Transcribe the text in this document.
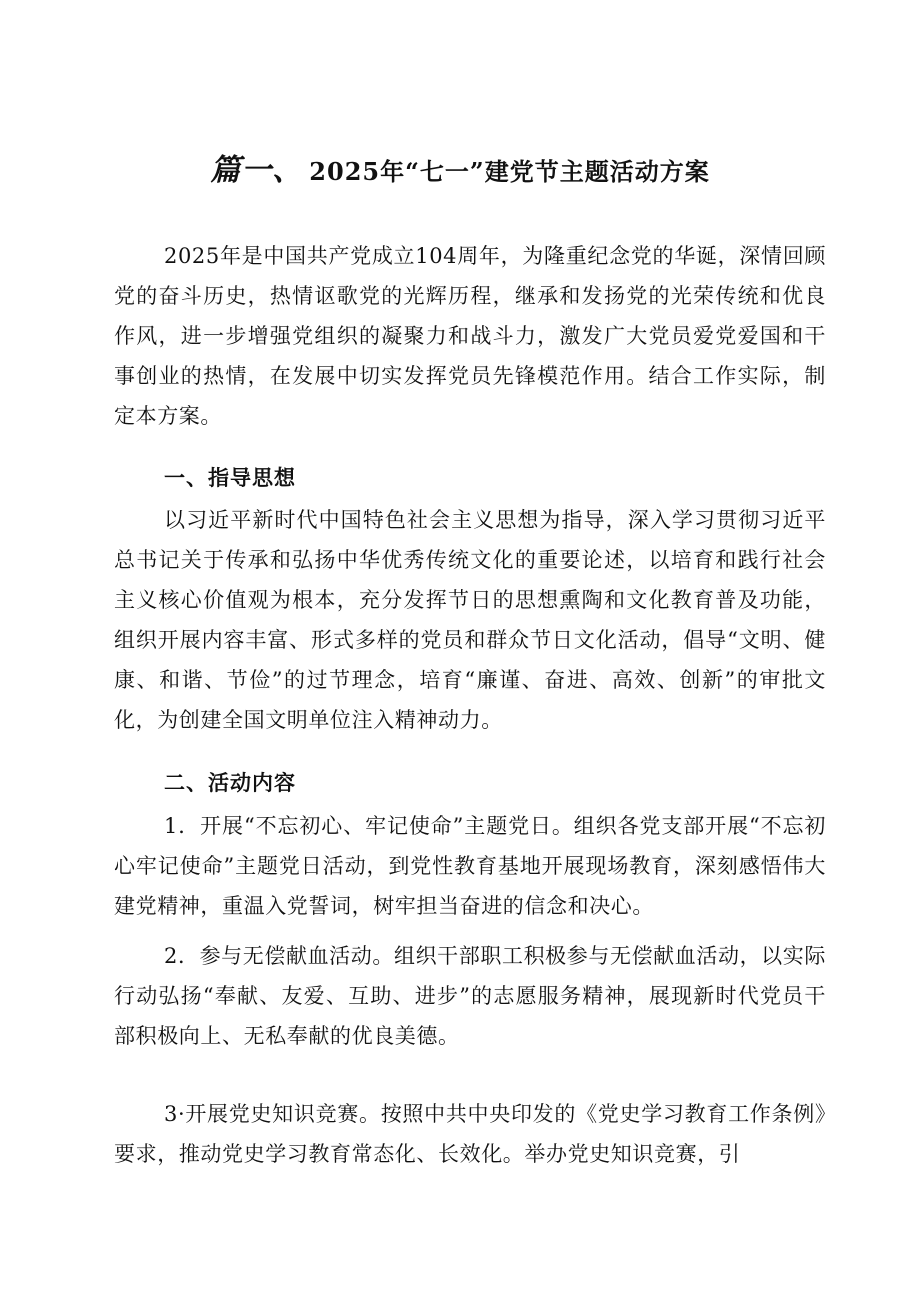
篇一、 2025年“七一”建党节主题活动方案

2025年是中国共产党成立104周年，为隆重纪念党的华诞，深情回顾党的奋斗历史，热情讴歌党的光辉历程，继承和发扬党的光荣传统和优良作风，进一步增强党组织的凝聚力和战斗力，激发广大党员爱党爱国和干事创业的热情，在发展中切实发挥党员先锋模范作用。结合工作实际，制定本方案。

一、指导思想

以习近平新时代中国特色社会主义思想为指导，深入学习贯彻习近平总书记关于传承和弘扬中华优秀传统文化的重要论述，以培育和践行社会主义核心价值观为根本，充分发挥节日的思想熏陶和文化教育普及功能，组织开展内容丰富、形式多样的党员和群众节日文化活动，倡导“文明、健康、和谐、节俭”的过节理念，培育“廉谨、奋进、高效、创新”的审批文化，为创建全国文明单位注入精神动力。

二、活动内容

1．开展“不忘初心、牢记使命”主题党日。组织各党支部开展“不忘初心牢记使命”主题党日活动，到党性教育基地开展现场教育，深刻感悟伟大建党精神，重温入党誓词，树牢担当奋进的信念和决心。

2．参与无偿献血活动。组织干部职工积极参与无偿献血活动，以实际行动弘扬“奉献、友爱、互助、进步”的志愿服务精神，展现新时代党员干部积极向上、无私奉献的优良美德。

3·开展党史知识竞赛。按照中共中央印发的《党史学习教育工作条例》要求，推动党史学习教育常态化、长效化。举办党史知识竞赛，引
